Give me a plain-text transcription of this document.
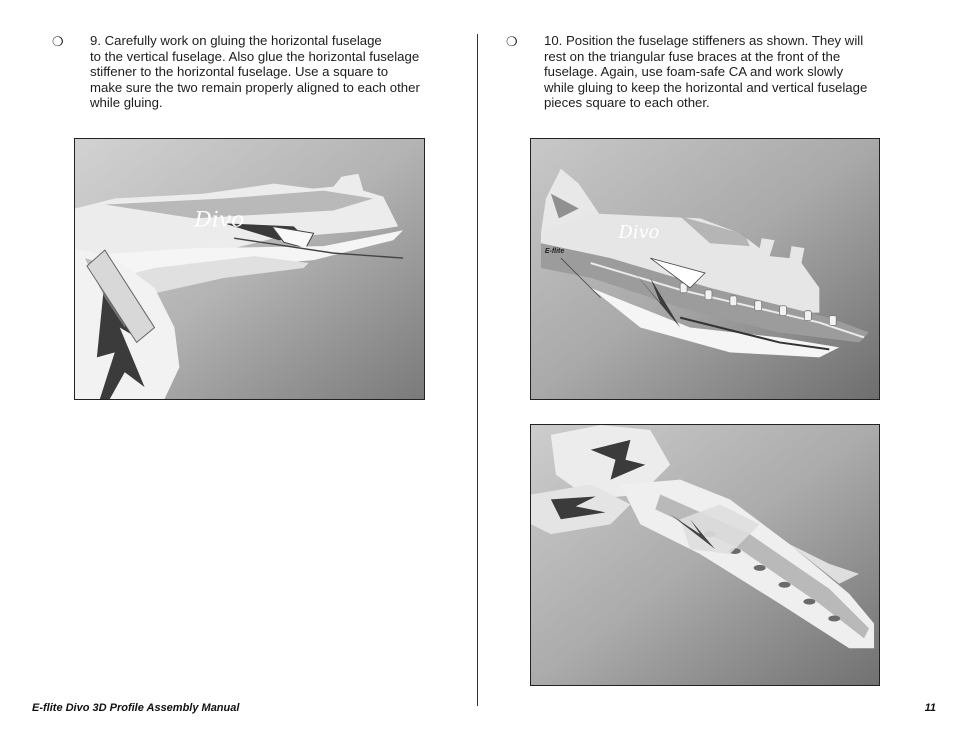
❍ 9. Carefully work on gluing the horizontal fuselage
to the vertical fuselage. Also glue the horizontal fuselage
stiffener to the horizontal fuselage. Use a square to
make sure the two remain properly aligned to each other
while gluing.
❍ 10. Position the fuselage stiffeners as shown. They will
rest on the triangular fuse braces at the front of the
fuselage. Again, use foam-safe CA and work slowly
while gluing to keep the horizontal and vertical fuselage
pieces square to each other.
Divo
Divo
E-flite
E-flite Divo 3D Profile Assembly Manual	11
